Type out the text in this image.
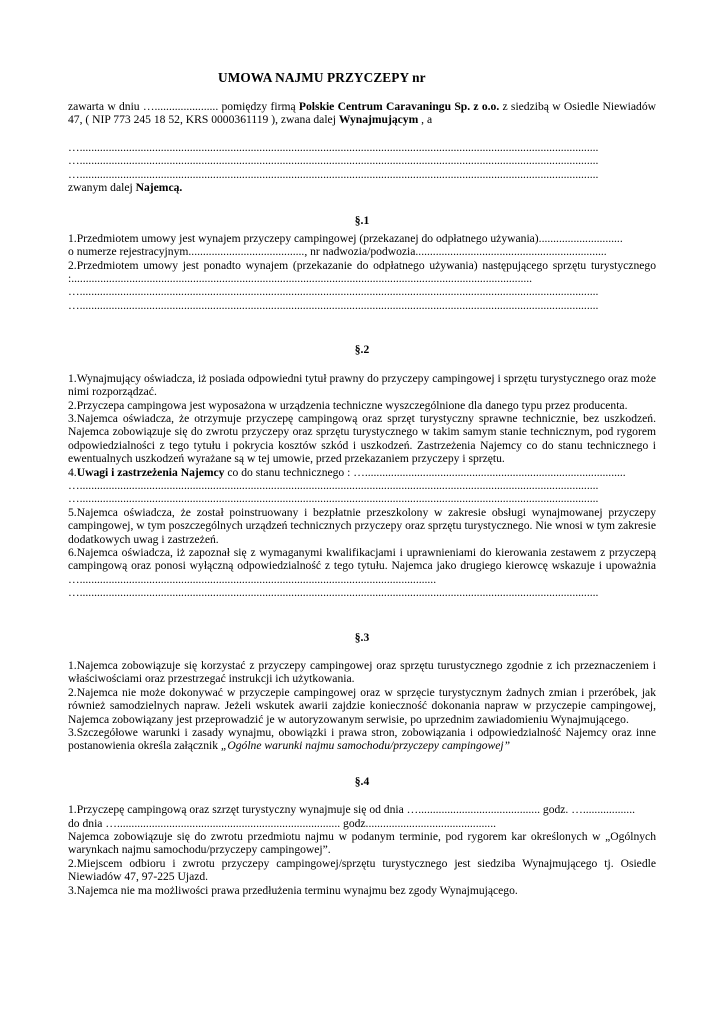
UMOWA NAJMU PRZYCZEPY nr

zawarta w dniu …...................... pomiędzy firmą Polskie Centrum Caravaningu Sp. z o.o. z siedzibą w Osiedle Niewiadów 47, ( NIP 773 245 18 52, KRS 0000361119 ), zwana dalej Wynajmującym , a

…...................................................................................................................................................................................
…...................................................................................................................................................................................
…...................................................................................................................................................................................

zwanym dalej Najemcą.

§.1
1.Przedmiotem umowy jest wynajem przyczepy campingowej (przekazanej do odpłatnego używania).............................
o numerze rejestracyjnym........................................, nr nadwozia/podwozia..................................................................

2.Przedmiotem umowy jest ponadto wynajem (przekazanie do odpłatnego używania) następującego sprzętu turystycznego :...............................................................................................................................................................

…...................................................................................................................................................................................
…...................................................................................................................................................................................
§.2

1.Wynajmujący oświadcza, iż posiada odpowiedni tytuł prawny do przyczepy campingowej i sprzętu turystycznego oraz może nimi rozporządzać.

2.Przyczepa campingowa jest wyposażona w urządzenia techniczne wyszczególnione dla danego typu przez producenta.

3.Najemca oświadcza, że otrzymuje przyczepę campingową oraz sprzęt turystyczny sprawne technicznie, bez uszkodzeń. Najemca zobowiązuje się do zwrotu przyczepy oraz sprzętu turystycznego w takim samym stanie technicznym, pod rygorem odpowiedzialności z tego tytułu i pokrycia kosztów szkód i uszkodzeń. Zastrzeżenia Najemcy co do stanu technicznego i ewentualnych uszkodzeń wyrażane są w tej umowie, przed przekazaniem przyczepy i sprzętu.

4.Uwagi i zastrzeżenia Najemcy co do stanu technicznego : …..........................................................................................
…...................................................................................................................................................................................
…...................................................................................................................................................................................

5.Najemca oświadcza, że został poinstruowany i bezpłatnie przeszkolony w zakresie obsługi wynajmowanej przyczepy campingowej, w tym poszczególnych urządzeń technicznych przyczepy oraz sprzętu turystycznego. Nie wnosi w tym zakresie dodatkowych uwag i zastrzeżeń.

6.Najemca oświadcza, iż zapoznał się z wymaganymi kwalifikacjami i uprawnieniami do kierowania zestawem z przyczepą campingową oraz ponosi wyłączną odpowiedzialność z tego tytułu. Najemca jako drugiego kierowcę wskazuje i upoważnia …...........................................................................................................................

…...................................................................................................................................................................................
§.3

1.Najemca zobowiązuje się korzystać z przyczepy campingowej oraz sprzętu turustycznego zgodnie z ich przeznaczeniem i właściwościami oraz przestrzegać instrukcji ich użytkowania.

2.Najemca nie może dokonywać w przyczepie campingowej oraz w sprzęcie turystycznym żadnych zmian i przeróbek, jak również samodzielnych napraw. Jeżeli wskutek awarii zajdzie konieczność dokonania napraw w przyczepie campingowej, Najemca zobowiązany jest przeprowadzić je w autoryzowanym serwisie, po uprzednim zawiadomieniu Wynajmującego.

3.Szczegółowe warunki i zasady wynajmu, obowiązki i prawa stron, zobowiązania i odpowiedzialność Najemcy oraz inne postanowienia określa załącznik „Ogólne warunki najmu samochodu/przyczepy campingowej”

§.4
1.Przyczepę campingową oraz szrzęt turystyczny wynajmuje się od dnia ….......................................... godz. …..................
do dnia …............................................................................. godz.............................................

Najemca zobowiązuje się do zwrotu przedmiotu najmu w podanym terminie, pod rygorem kar określonych w „Ogólnych warynkach najmu samochodu/przyczepy campingowej”.

2.Miejscem odbioru i zwrotu przyczepy campingowej/sprzętu turystycznego jest siedziba Wynajmującego tj. Osiedle Niewiadów 47, 97-225 Ujazd.

3.Najemca nie ma możliwości prawa przedłużenia terminu wynajmu bez zgody Wynajmującego.
